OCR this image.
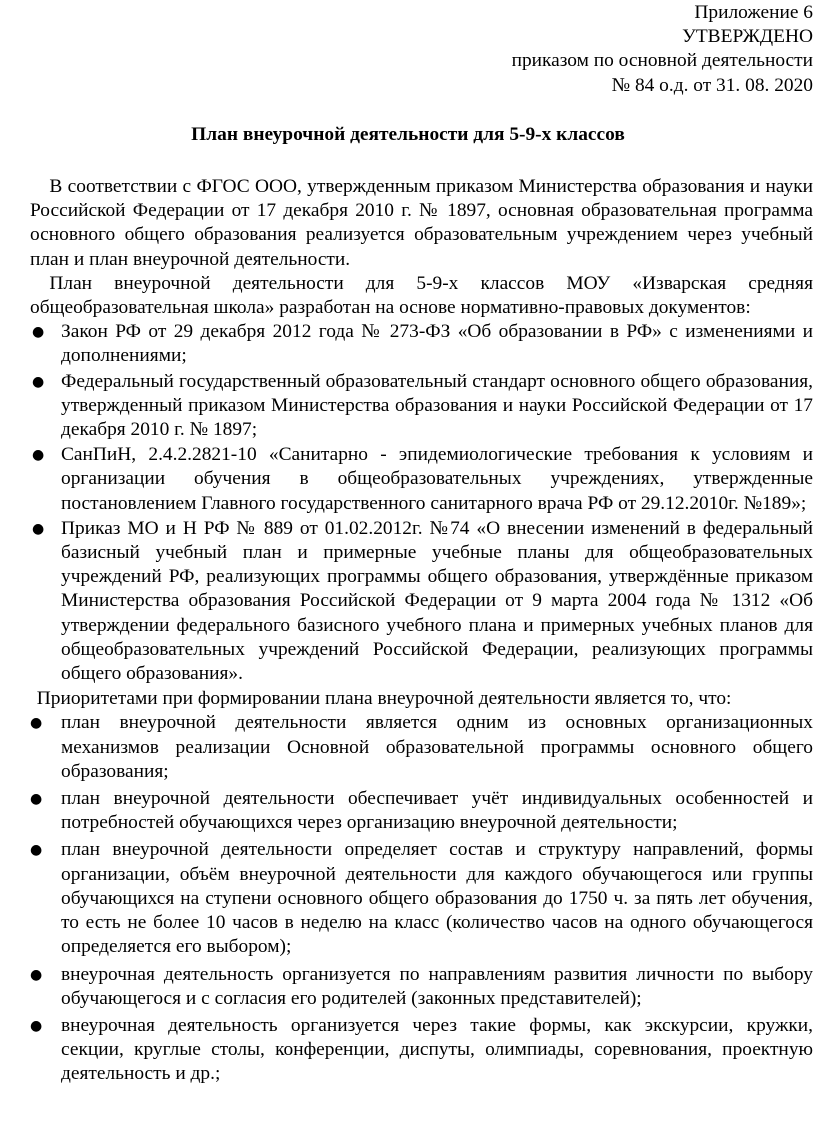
Приложение 6
УТВЕРЖДЕНО
приказом по основной деятельности
№ 84 о.д. от 31. 08. 2020
План внеурочной деятельности для 5-9-х классов

В соответствии с ФГОС ООО, утвержденным приказом Министерства образования и науки Российской Федерации от 17 декабря 2010 г. № 1897, основная образовательная программа основного общего образования реализуется образовательным учреждением через учебный план и план внеурочной деятельности.

План внеурочной деятельности для 5-9-х классов МОУ «Изварская средняя общеобразовательная школа» разработан на основе нормативно-правовых документов:

● Закон РФ от 29 декабря 2012 года № 273-ФЗ «Об образовании в РФ» с изменениями и дополнениями;
● Федеральный государственный образовательный стандарт основного общего образования, утвержденный приказом Министерства образования и науки Российской Федерации от 17 декабря 2010 г. № 1897;
● СанПиН, 2.4.2.2821-10 «Санитарно - эпидемиологические требования к условиям и организации обучения в общеобразовательных учреждениях, утвержденные постановлением Главного государственного санитарного врача РФ от 29.12.2010г. №189»;
● Приказ МО и Н РФ № 889 от 01.02.2012г. №74 «О внесении изменений в федеральный базисный учебный план и примерные учебные планы для общеобразовательных учреждений РФ, реализующих программы общего образования, утверждённые приказом Министерства образования Российской Федерации от 9 марта 2004 года № 1312 «Об утверждении федерального базисного учебного плана и примерных учебных планов для общеобразовательных учреждений Российской Федерации, реализующих программы общего образования».

Приоритетами при формировании плана внеурочной деятельности является то, что:

● план внеурочной деятельности является одним из основных организационных механизмов реализации Основной образовательной программы основного общего образования;
● план внеурочной деятельности обеспечивает учёт индивидуальных особенностей и потребностей обучающихся через организацию внеурочной деятельности;
● план внеурочной деятельности определяет состав и структуру направлений, формы организации, объём внеурочной деятельности для каждого обучающегося или группы обучающихся на ступени основного общего образования до 1750 ч. за пять лет обучения, то есть не более 10 часов в неделю на класс (количество часов на одного обучающегося определяется его выбором);
● внеурочная деятельность организуется по направлениям развития личности по выбору обучающегося и с согласия его родителей (законных представителей);
● внеурочная деятельность организуется через такие формы, как экскурсии, кружки, секции, круглые столы, конференции, диспуты, олимпиады, соревнования, проектную деятельность и др.;
